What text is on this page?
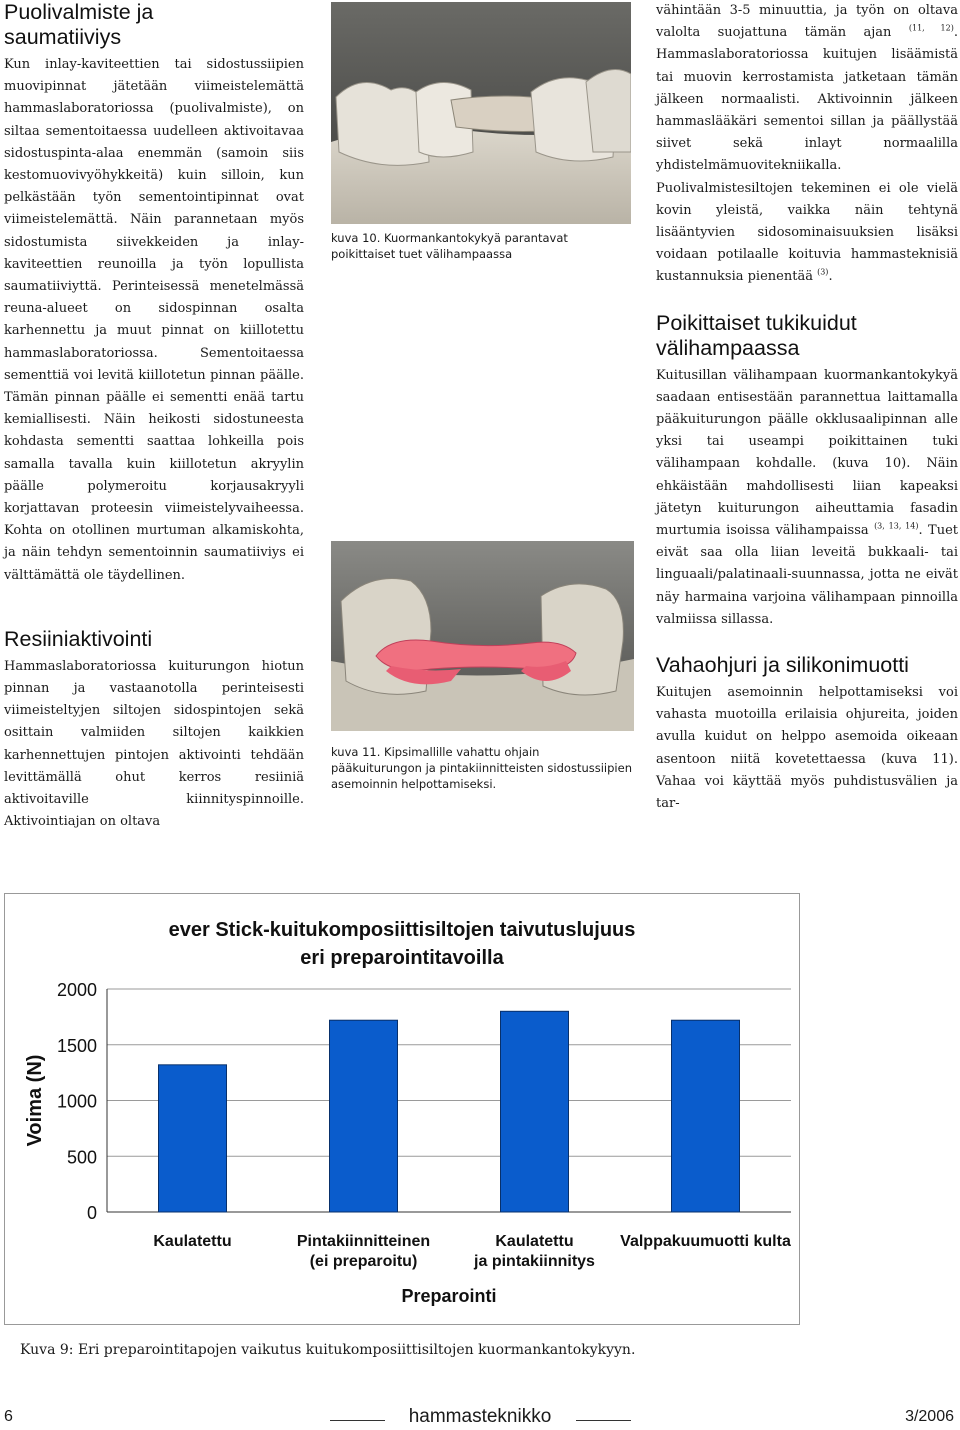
Puolivalmiste ja saumatiiviys

Kun inlay-kaviteettien tai sidostussiipien muovipinnat jätetään viimeistelemättä hammaslaboratoriossa (puolivalmiste), on siltaa sementoitaessa uudelleen aktivoitavaa sidostuspinta-alaa enemmän (samoin siis kestomuovivyöhykkeitä) kuin silloin, kun pelkästään työn sementointipinnat ovat viimeistelemättä. Näin parannetaan myös sidostumista siivekkeiden ja inlay-kaviteettien reunoilla ja työn lopullista saumatiiviyttä. Perinteisessä menetelmässä reuna-alueet on sidospinnan osalta karhennettu ja muut pinnat on kiillotettu hammaslaboratoriossa. Sementoitaessa sementtiä voi levitä kiillotetun pinnan päälle. Tämän pinnan päälle ei sementti enää tartu kemiallisesti. Näin heikosti sidostuneesta kohdasta sementti saattaa lohkeilla pois samalla tavalla kuin kiillotetun akryylin päälle polymeroitu korjausakryyli korjattavan proteesin viimeistelyvaiheessa. Kohta on otollinen murtuman alkamiskohta, ja näin tehdyn sementoinnin saumatiiviys ei välttämättä ole täydellinen.

Resiiniaktivointi

Hammaslaboratoriossa kuiturungon hiotun pinnan ja vastaanotolla perinteisesti viimeisteltyjen siltojen sidospintojen sekä osittain valmiiden siltojen kaikkien karhennettujen pintojen aktivointi tehdään levittämällä ohut kerros resiiniä aktivoitaville kiinnityspinnoille. Aktivointiajan on oltava

kuva 10. Kuormankantokykyä parantavat poikittaiset tuet välihampaassa
kuva 11. Kipsimallille vahattu ohjain pääkuiturungon ja pintakiinnitteisten sidostussiipien asemoinnin helpottamiseksi.

vähintään 3-5 minuuttia, ja työn on oltava valolta suojattuna tämän ajan $^{(11, 12)}$. Hammaslaboratoriossa kuitujen lisäämistä tai muovin kerrostamista jatketaan tämän jälkeen normaalisti. Aktivoinnin jälkeen hammaslääkäri sementoi sillan ja päällystää siivet sekä inlayt normaalilla yhdistelmämuovitekniikalla. Puolivalmistesiltojen tekeminen ei ole vielä kovin yleistä, vaikka näin tehtynä lisääntyvien sidosominaisuuksien lisäksi voidaan potilaalle koituvia hammasteknisiä kustannuksia pienentää $^{(3)}$.

Poikittaiset tukikuidut välihampaassa

Kuitusillan välihampaan kuormankantokykyä saadaan entisestään parannettua laittamalla pääkuiturungon päälle okklusaalipinnan alle yksi tai useampi poikittainen tuki välihampaan kohdalle. (kuva 10). Näin ehkäistään mahdollisesti liian kapeaksi jätetyn kuiturungon aiheuttamia fasadin murtumia isoissa välihampaissa $^{(3, 13, 14)}$. Tuet eivät saa olla liian leveitä bukkaali- tai linguaali/palatinaali-suunnassa, jotta ne eivät näy harmaina varjoina välihampaan pinnoilla valmiissa sillassa.

Vahaohjuri ja silikonimuotti

Kuitujen asemoinnin helpottamiseksi voi vahasta muotoilla erilaisia ohjureita, joiden avulla kuidut on helppo asemoida oikeaan asentoon niitä kovetettaessa (kuva 11). Vahaa voi käyttää myös puhdistusvälien ja tar-

ever Stick-kuitukomposiittisiltojen taivutuslujuus
eri preparointitavoilla
0
500
1000
1500
2000
Voima (N)
Kaulatettu	Pintakiinnitteinen
(ei preparoitu)
Kaulatettu
ja pintakiinnitys
Valppakuumuotti kulta
Preparointi
Kuva 9: Eri preparointitapojen vaikutus kuitukomposiittisiltojen kuormankantokykyyn.
6	hammasteknikko	3/2006
